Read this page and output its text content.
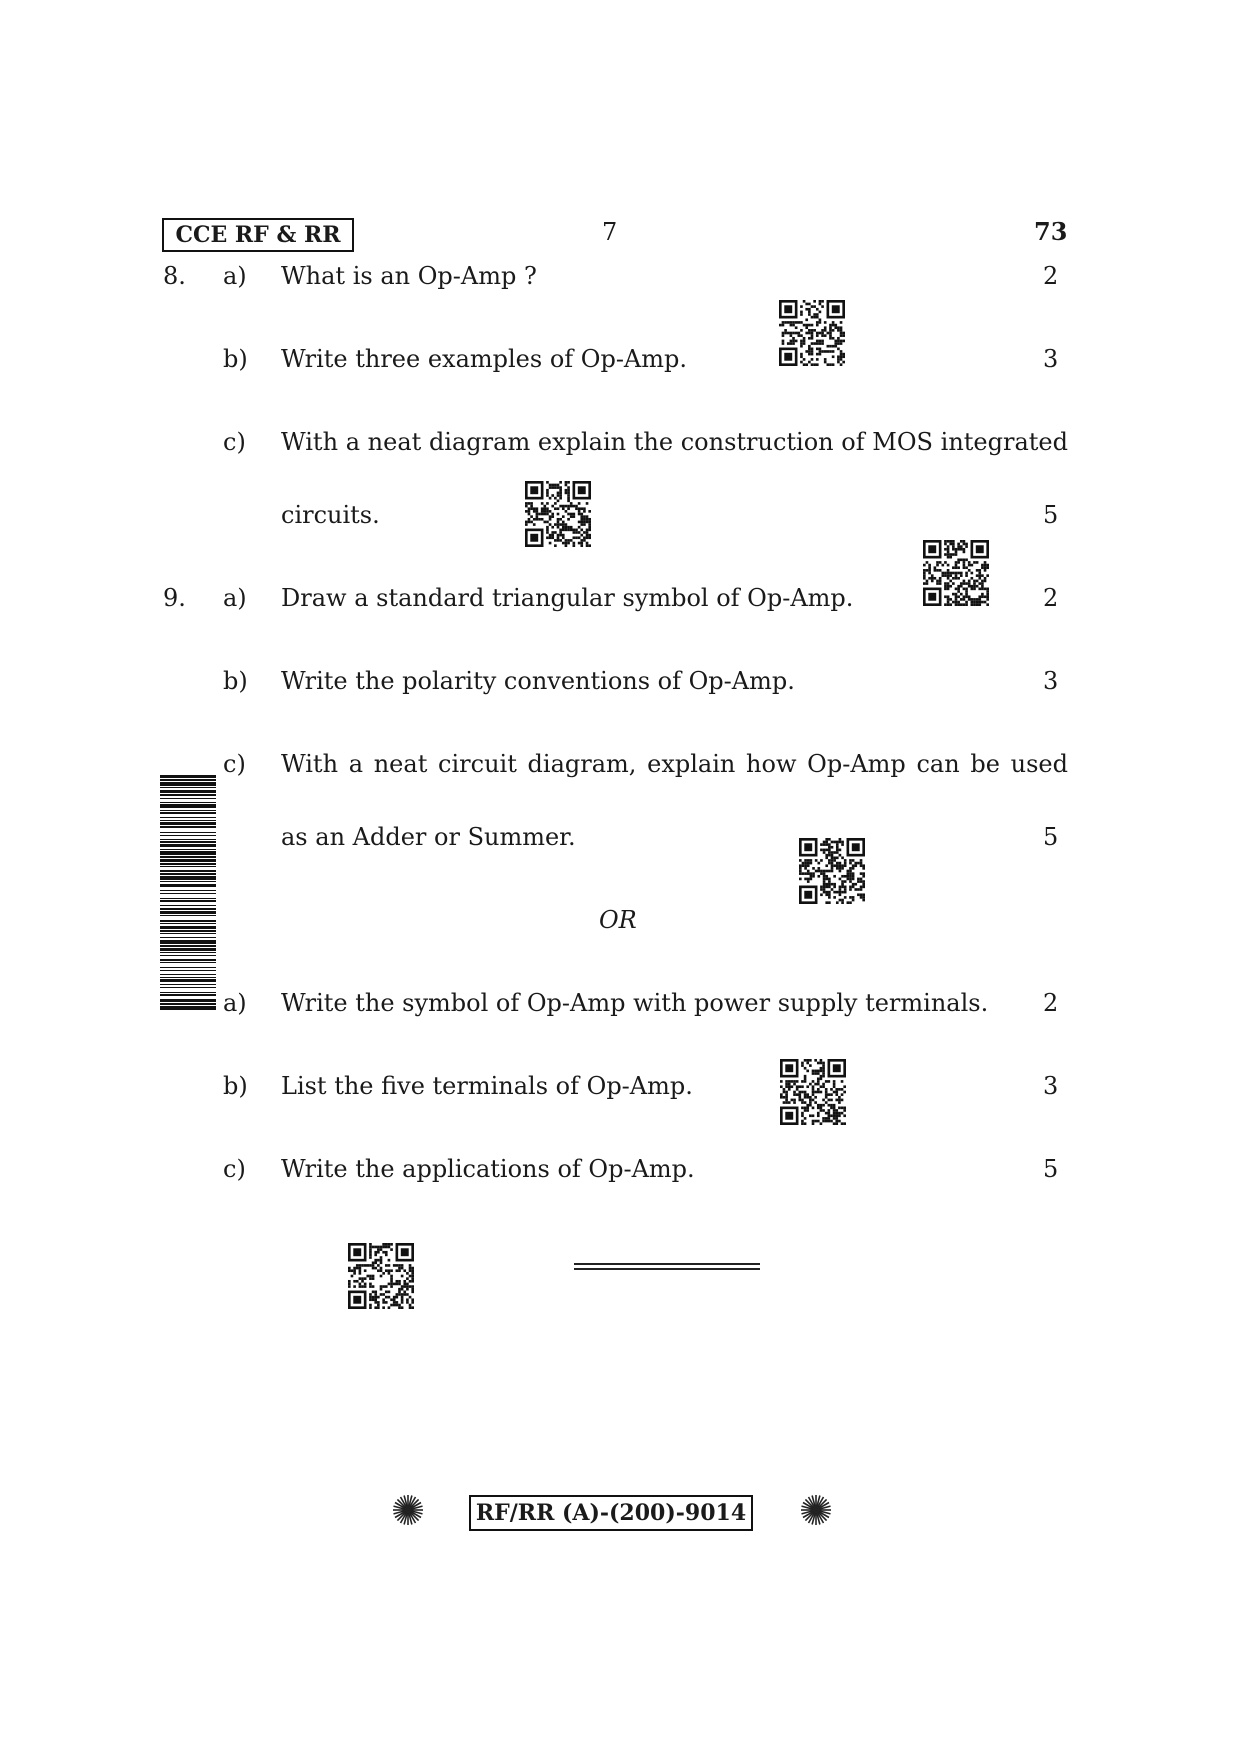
CCE RF & RR	7	73
8. a) What is an Op-Amp ?	2
b) Write three examples of Op-Amp.	3
c) With a neat diagram explain the construction of MOS integrated
circuits.	5
9. a) Draw a standard triangular symbol of Op-Amp.	2
b) Write the polarity conventions of Op-Amp.	3
c) With a neat circuit diagram, explain how Op-Amp can be used
as an Adder or Summer.	5
OR
a) Write the symbol of Op-Amp with power supply terminals. 2
b) List the five terminals of Op-Amp.	3
c) Write the applications of Op-Amp.	5
RF/RR (A)-(200)-9014
